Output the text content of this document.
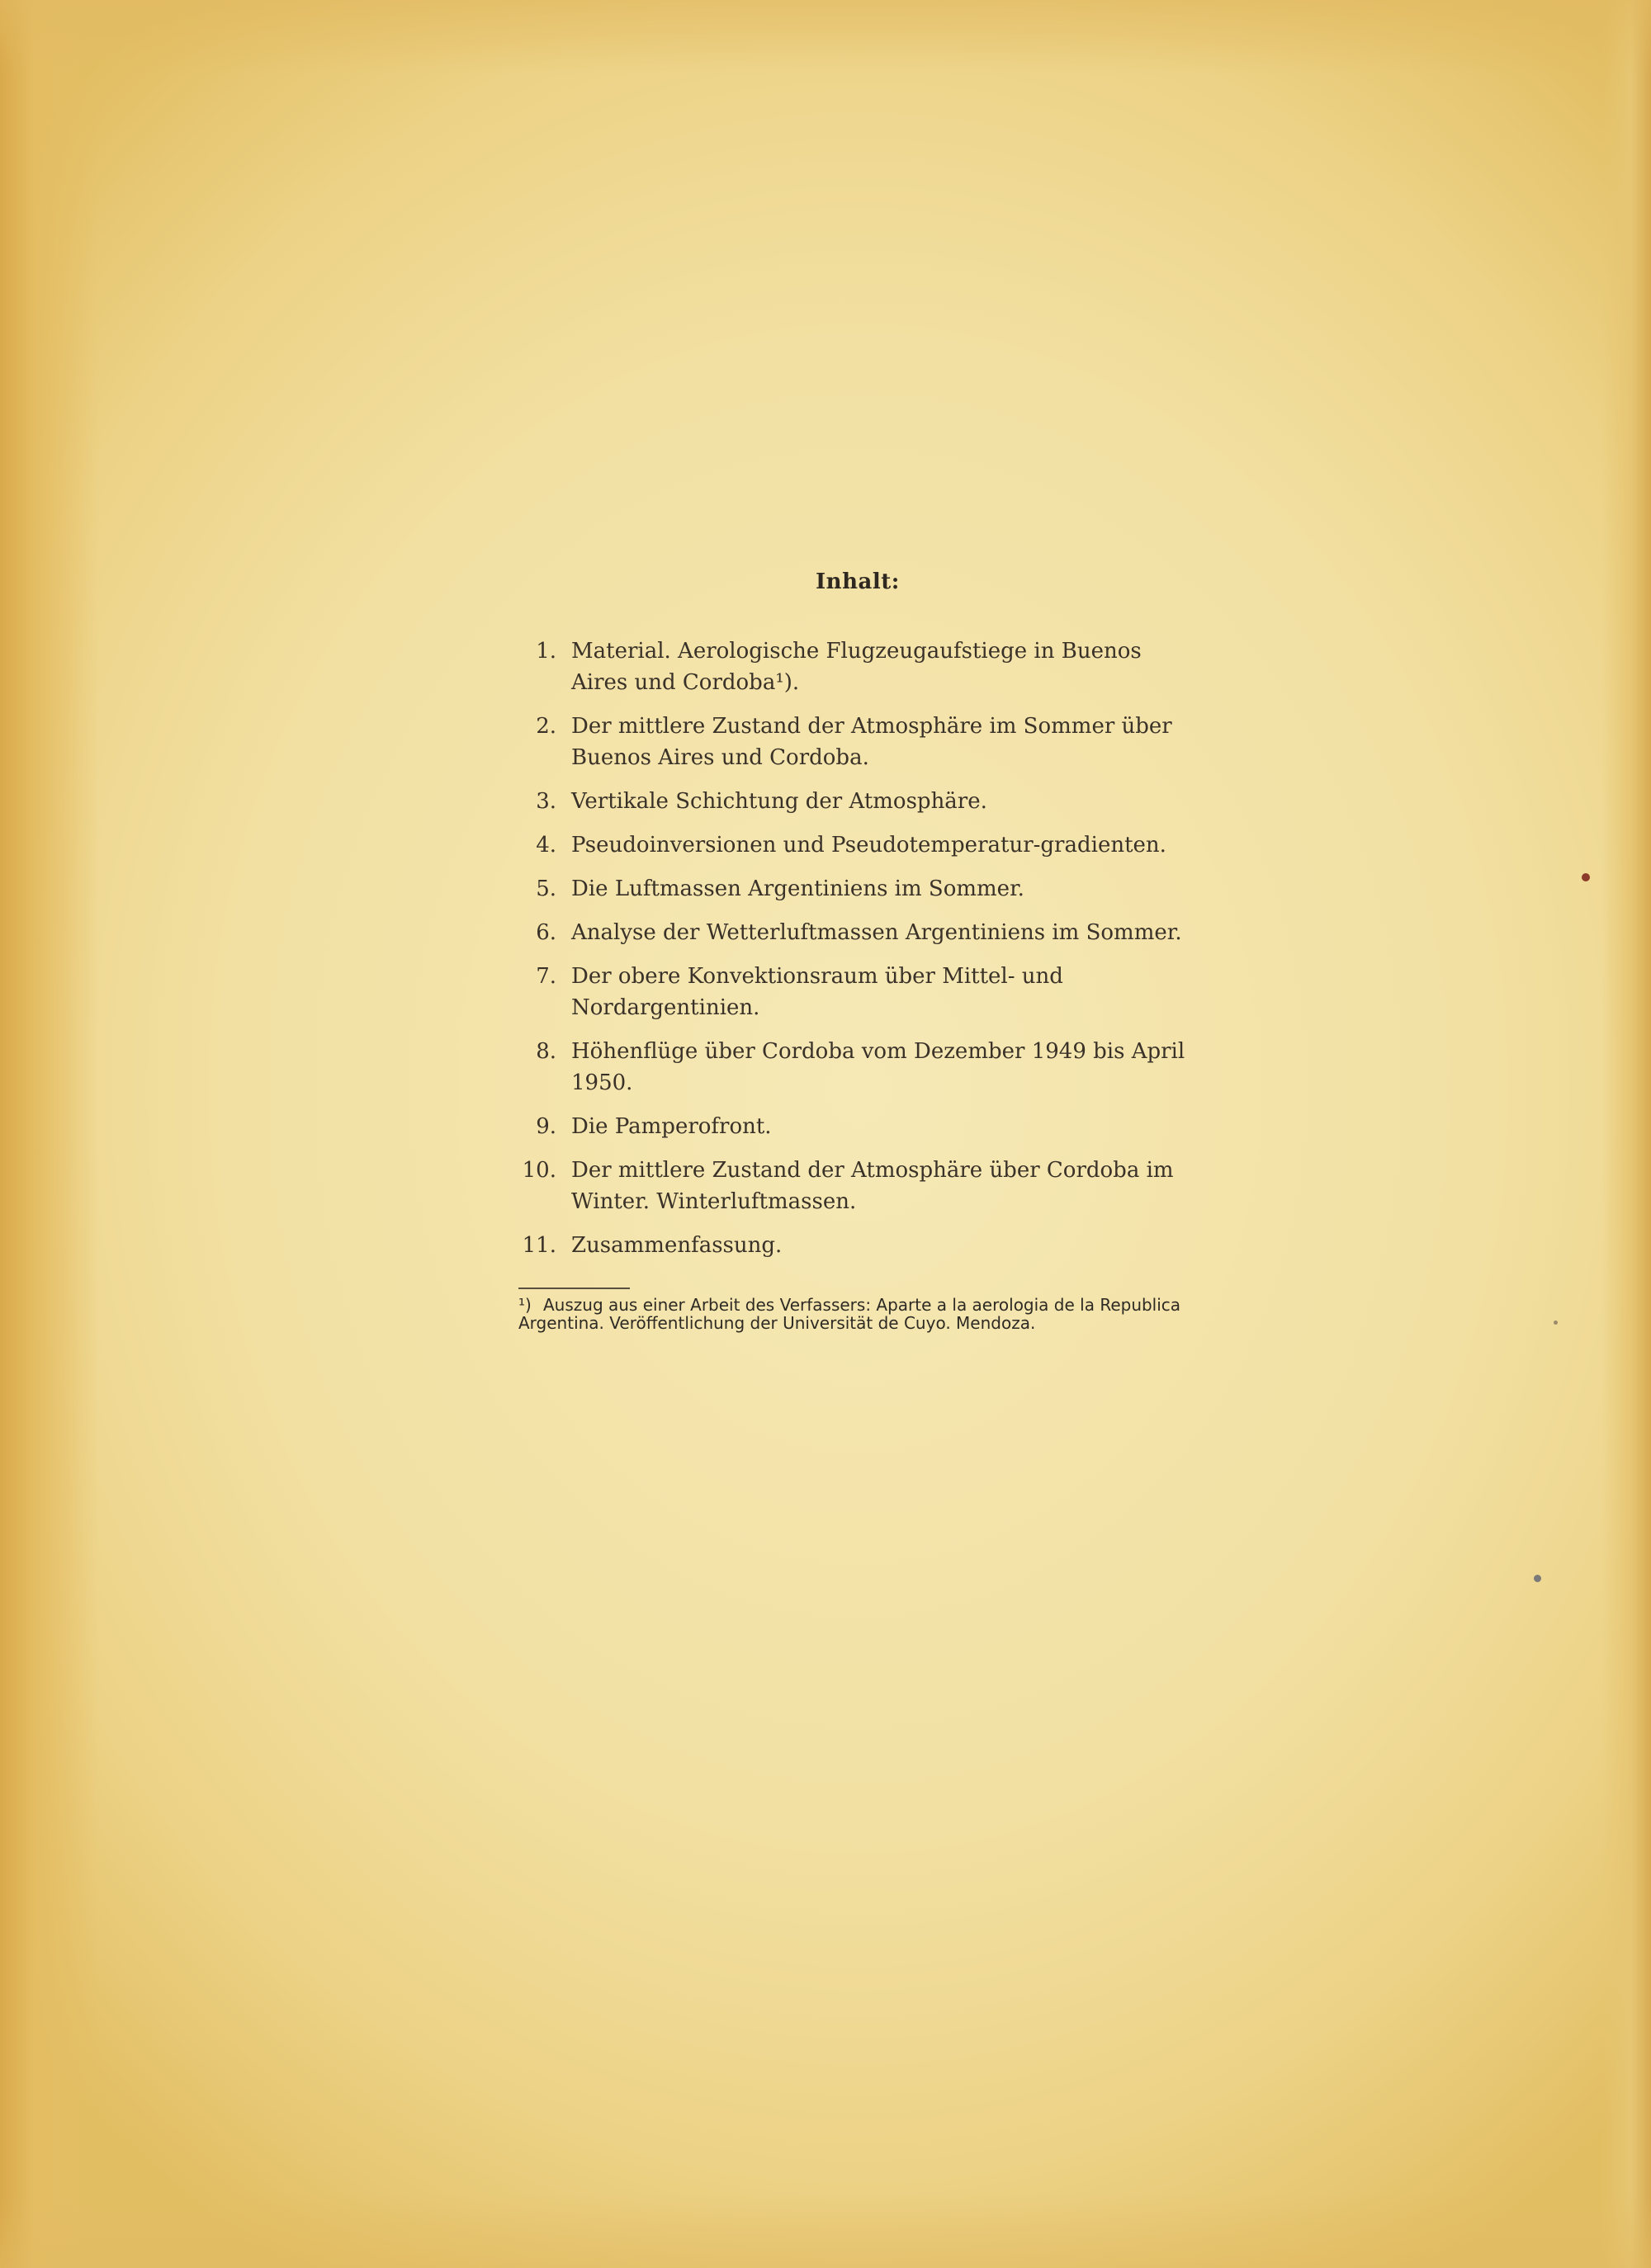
Inhalt:
1. Material. Aerologische Flugzeugaufstiege in Buenos Aires und Cordoba¹).
2. Der mittlere Zustand der Atmosphäre im Sommer über Buenos Aires und Cordoba.
3. Vertikale Schichtung der Atmosphäre.
4. Pseudoinversionen und Pseudotemperatur-gradienten.
5. Die Luftmassen Argentiniens im Sommer.
6. Analyse der Wetterluftmassen Argentiniens im Sommer.
7. Der obere Konvektionsraum über Mittel- und Nordargentinien.
8. Höhenflüge über Cordoba vom Dezember 1949 bis April 1950.
9. Die Pamperofront.
10. Der mittlere Zustand der Atmosphäre über Cordoba im Winter. Winterluftmassen.
11. Zusammenfassung.
¹) Auszug aus einer Arbeit des Verfassers: Aparte a la aerologia de la Republica Argentina. Veröffentlichung der Universität de Cuyo. Mendoza.
